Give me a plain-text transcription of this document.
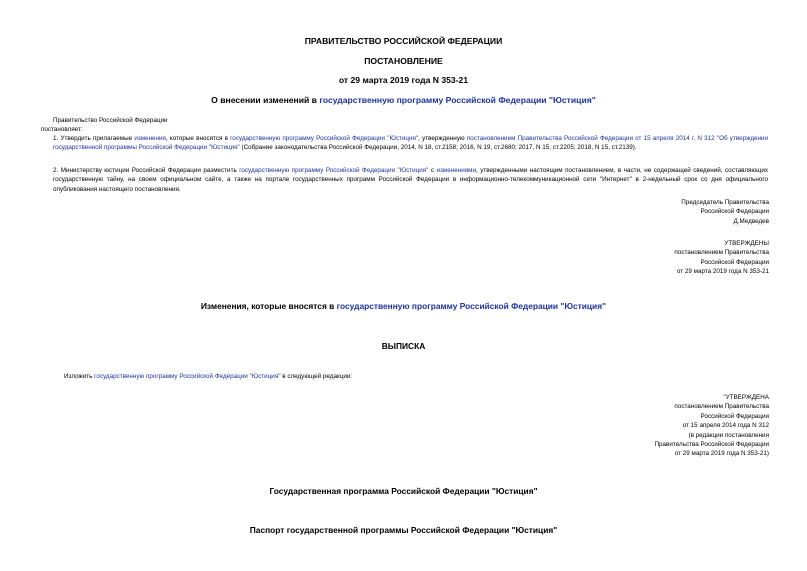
ПРАВИТЕЛЬСТВО РОССИЙСКОЙ ФЕДЕРАЦИИ
ПОСТАНОВЛЕНИЕ
от 29 марта 2019 года N 353-21
О внесении изменений в государственную программу Российской Федерации "Юстиция"
Правительство Российской Федерации
постановляет:
1. Утвердить прилагаемые изменения, которые вносятся в государственную программу Российской Федерации "Юстиция", утвержденную постановлением Правительства Российской Федерации от 15 апреля 2014 г. N 312 "Об утверждении государственной программы Российской Федерации "Юстиция" (Собрание законодательства Российской Федерации, 2014, N 18, ст.2158; 2016, N 19, ст.2680; 2017, N 15, ст.2205; 2018, N 15, ст.2139).
2. Министерству юстиции Российской Федерации разместить государственную программу Российской Федерации "Юстиция" с изменениями, утвержденными настоящим постановлением, в части, не содержащей сведений, составляющих государственную тайну, на своем официальном сайте, а также на портале государственных программ Российской Федерации в информационно-телекоммуникационной сети "Интернет" в 2-недельный срок со дня официального опубликования настоящего постановления.
Председатель Правительства
Российской Федерации
Д.Медведев
УТВЕРЖДЕНЫ
постановлением Правительства
Российской Федерации
от 29 марта 2019 года N 353-21
Изменения, которые вносятся в государственную программу Российской Федерации "Юстиция"
ВЫПИСКА
Изложить государственную программу Российской Федерации "Юстиция" в следующей редакции:
"УТВЕРЖДЕНА
постановлением Правительства
Российской Федерации
от 15 апреля 2014 года N 312
(в редакции постановления
Правительства Российской Федерации
от 29 марта 2019 года N 353-21)
Государственная программа Российской Федерации "Юстиция"
Паспорт государственной программы Российской Федерации "Юстиция"
